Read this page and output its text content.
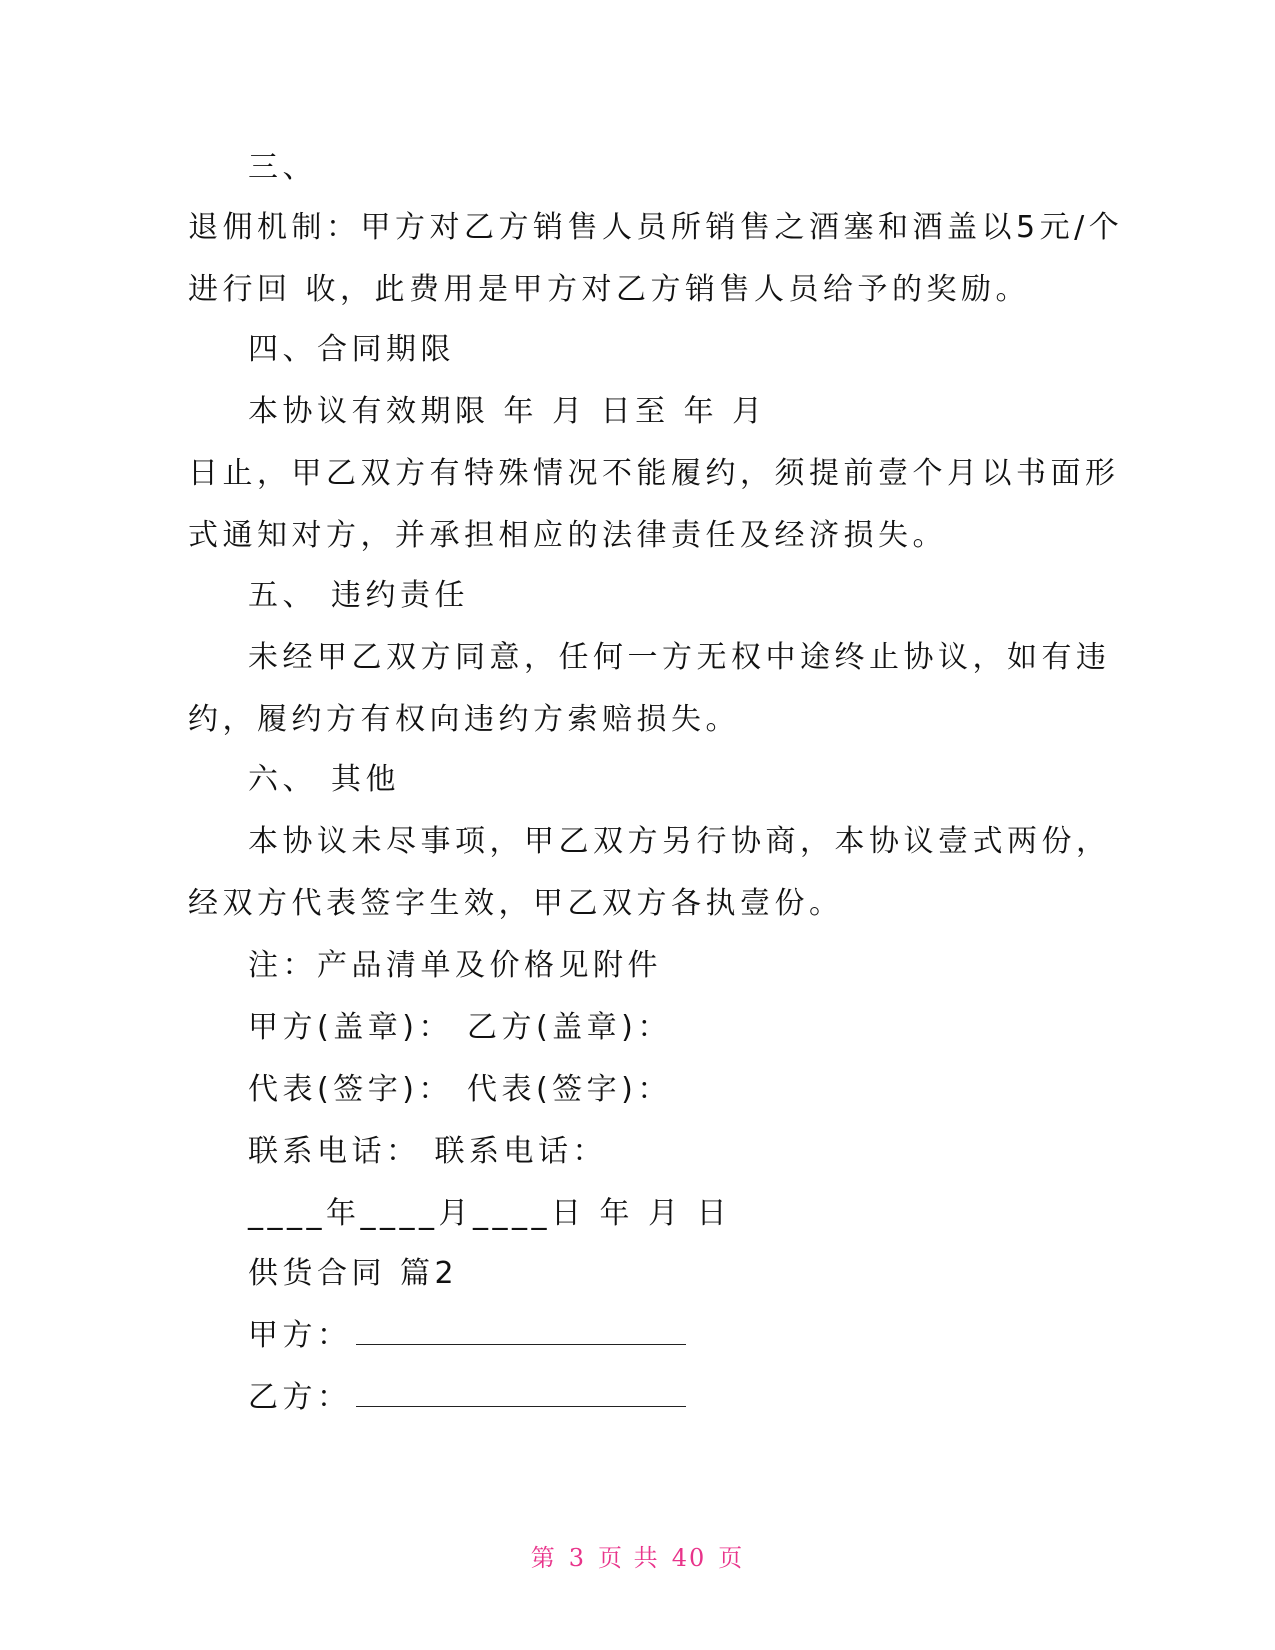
三、
退佣机制：甲方对乙方销售人员所销售之酒塞和酒盖以5元/个
进行回 收，此费用是甲方对乙方销售人员给予的奖励。
四、合同期限
本协议有效期限 年 月 日至 年 月
日止，甲乙双方有特殊情况不能履约，须提前壹个月以书面形
式通知对方，并承担相应的法律责任及经济损失。
五、 违约责任
未经甲乙双方同意，任何一方无权中途终止协议，如有违
约，履约方有权向违约方索赔损失。
六、 其他
本协议未尽事项，甲乙双方另行协商，本协议壹式两份，
经双方代表签字生效，甲乙双方各执壹份。
注：产品清单及价格见附件
甲方(盖章)： 乙方(盖章)：
代表(签字)： 代表(签字)：
联系电话： 联系电话：
____年____月____日 年 月 日
供货合同 篇2
甲方：
乙方：
第 3 页 共 40 页
